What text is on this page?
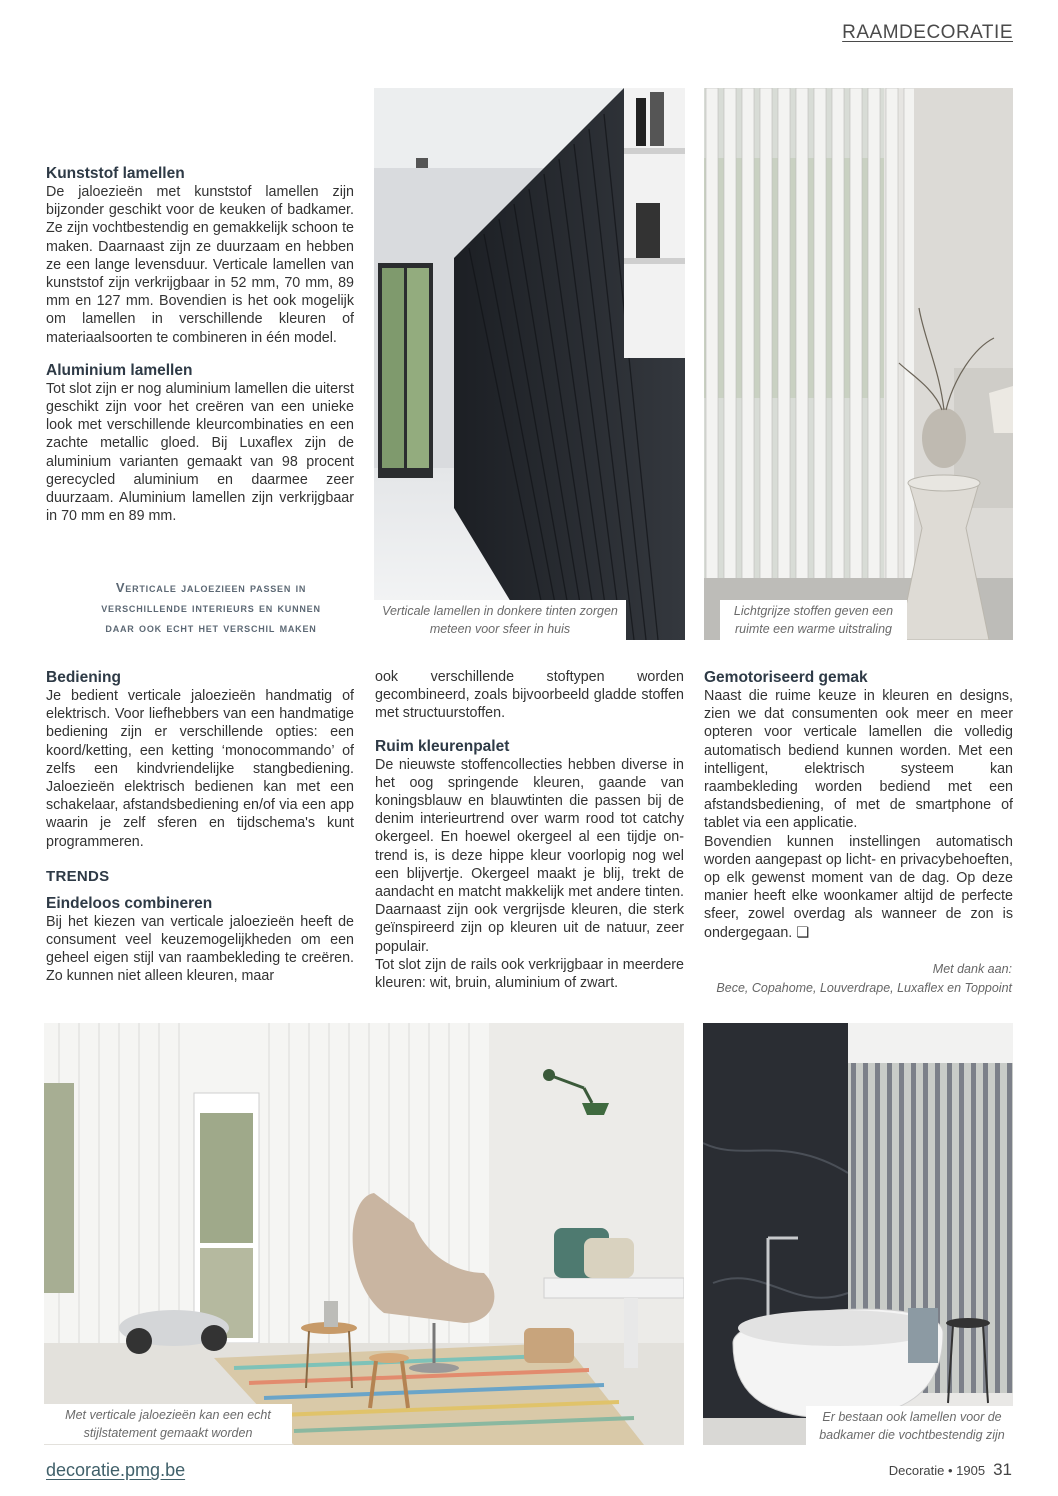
RAAMDECORATIE
Kunststof lamellen

De jaloezieën met kunststof lamellen zijn bijzonder geschikt voor de keuken of badkamer. Ze zijn vochtbestendig en gemakkelijk schoon te maken. Daarnaast zijn ze duurzaam en hebben ze een lange levensduur. Verticale lamellen van kunststof zijn verkrijgbaar in 52 mm, 70 mm, 89 mm en 127 mm. Bovendien is het ook mogelijk om lamellen in verschillende kleuren of materiaalsoorten te combineren in één model.

Aluminium lamellen

Tot slot zijn er nog aluminium lamellen die uiterst geschikt zijn voor het creëren van een unieke look met verschillende kleurcombinaties en een zachte metallic gloed. Bij Luxaflex zijn de aluminium varianten gemaakt van 98 procent gerecycled aluminium en daarmee zeer duurzaam. Aluminium lamellen zijn verkrijgbaar in 70 mm en 89 mm.

Verticale jaloezieen passen in
verschillende interieurs en kunnen
daar ook echt het verschil maken
Verticale lamellen in donkere tinten zorgen meteen voor sfeer in huis
Lichtgrijze stoffen geven een ruimte een warme uitstraling
Bediening

Je bedient verticale jaloezieën handmatig of elektrisch. Voor liefhebbers van een handmatige bediening zijn er verschillende opties: een koord/ketting, een ketting ‘monocommando’ of zelfs een kindvriendelijke stangbediening. Jaloezieën elektrisch bedienen kan met een schakelaar, afstandsbediening en/of via een app waarin je zelf sferen en tijdschema's kunt programmeren.

TRENDS
Eindeloos combineren

Bij het kiezen van verticale jaloezieën heeft de consument veel keuzemogelijkheden om een geheel eigen stijl van raambekleding te creëren. Zo kunnen niet alleen kleuren, maar

ook verschillende stoftypen worden gecombineerd, zoals bijvoorbeeld gladde stoffen met structuurstoffen.

Ruim kleurenpalet

De nieuwste stoffencollecties hebben diverse in het oog springende kleuren, gaande van koningsblauw en blauwtinten die passen bij de denim interieurtrend over warm rood tot catchy okergeel. En hoewel okergeel al een tijdje on-trend is, is deze hippe kleur voorlopig nog wel een blijvertje. Okergeel maakt je blij, trekt de aandacht en matcht makkelijk met andere tinten. Daarnaast zijn ook vergrijsde kleuren, die sterk geïnspireerd zijn op kleuren uit de natuur, zeer populair.

Tot slot zijn de rails ook verkrijgbaar in meerdere kleuren: wit, bruin, aluminium of zwart.

Gemotoriseerd gemak

Naast die ruime keuze in kleuren en designs, zien we dat consumenten ook meer en meer opteren voor verticale lamellen die volledig automatisch bediend kunnen worden. Met een intelligent, elektrisch systeem kan raambekleding worden bediend met een afstandsbediening, of met de smartphone of tablet via een applicatie.

Bovendien kunnen instellingen automatisch worden aangepast op licht- en privacybehoeften, op elk gewenst moment van de dag. Op deze manier heeft elke woonkamer altijd de perfecte sfeer, zowel overdag als wanneer de zon is ondergegaan. ❏

Met dank aan:
Bece, Copahome, Louverdrape, Luxaflex en Toppoint
Met verticale jaloezieën kan een echt stijlstatement gemaakt worden
Er bestaan ook lamellen voor de badkamer die vochtbestendig zijn
decoratie.pmg.be	Decoratie • 1905 31
